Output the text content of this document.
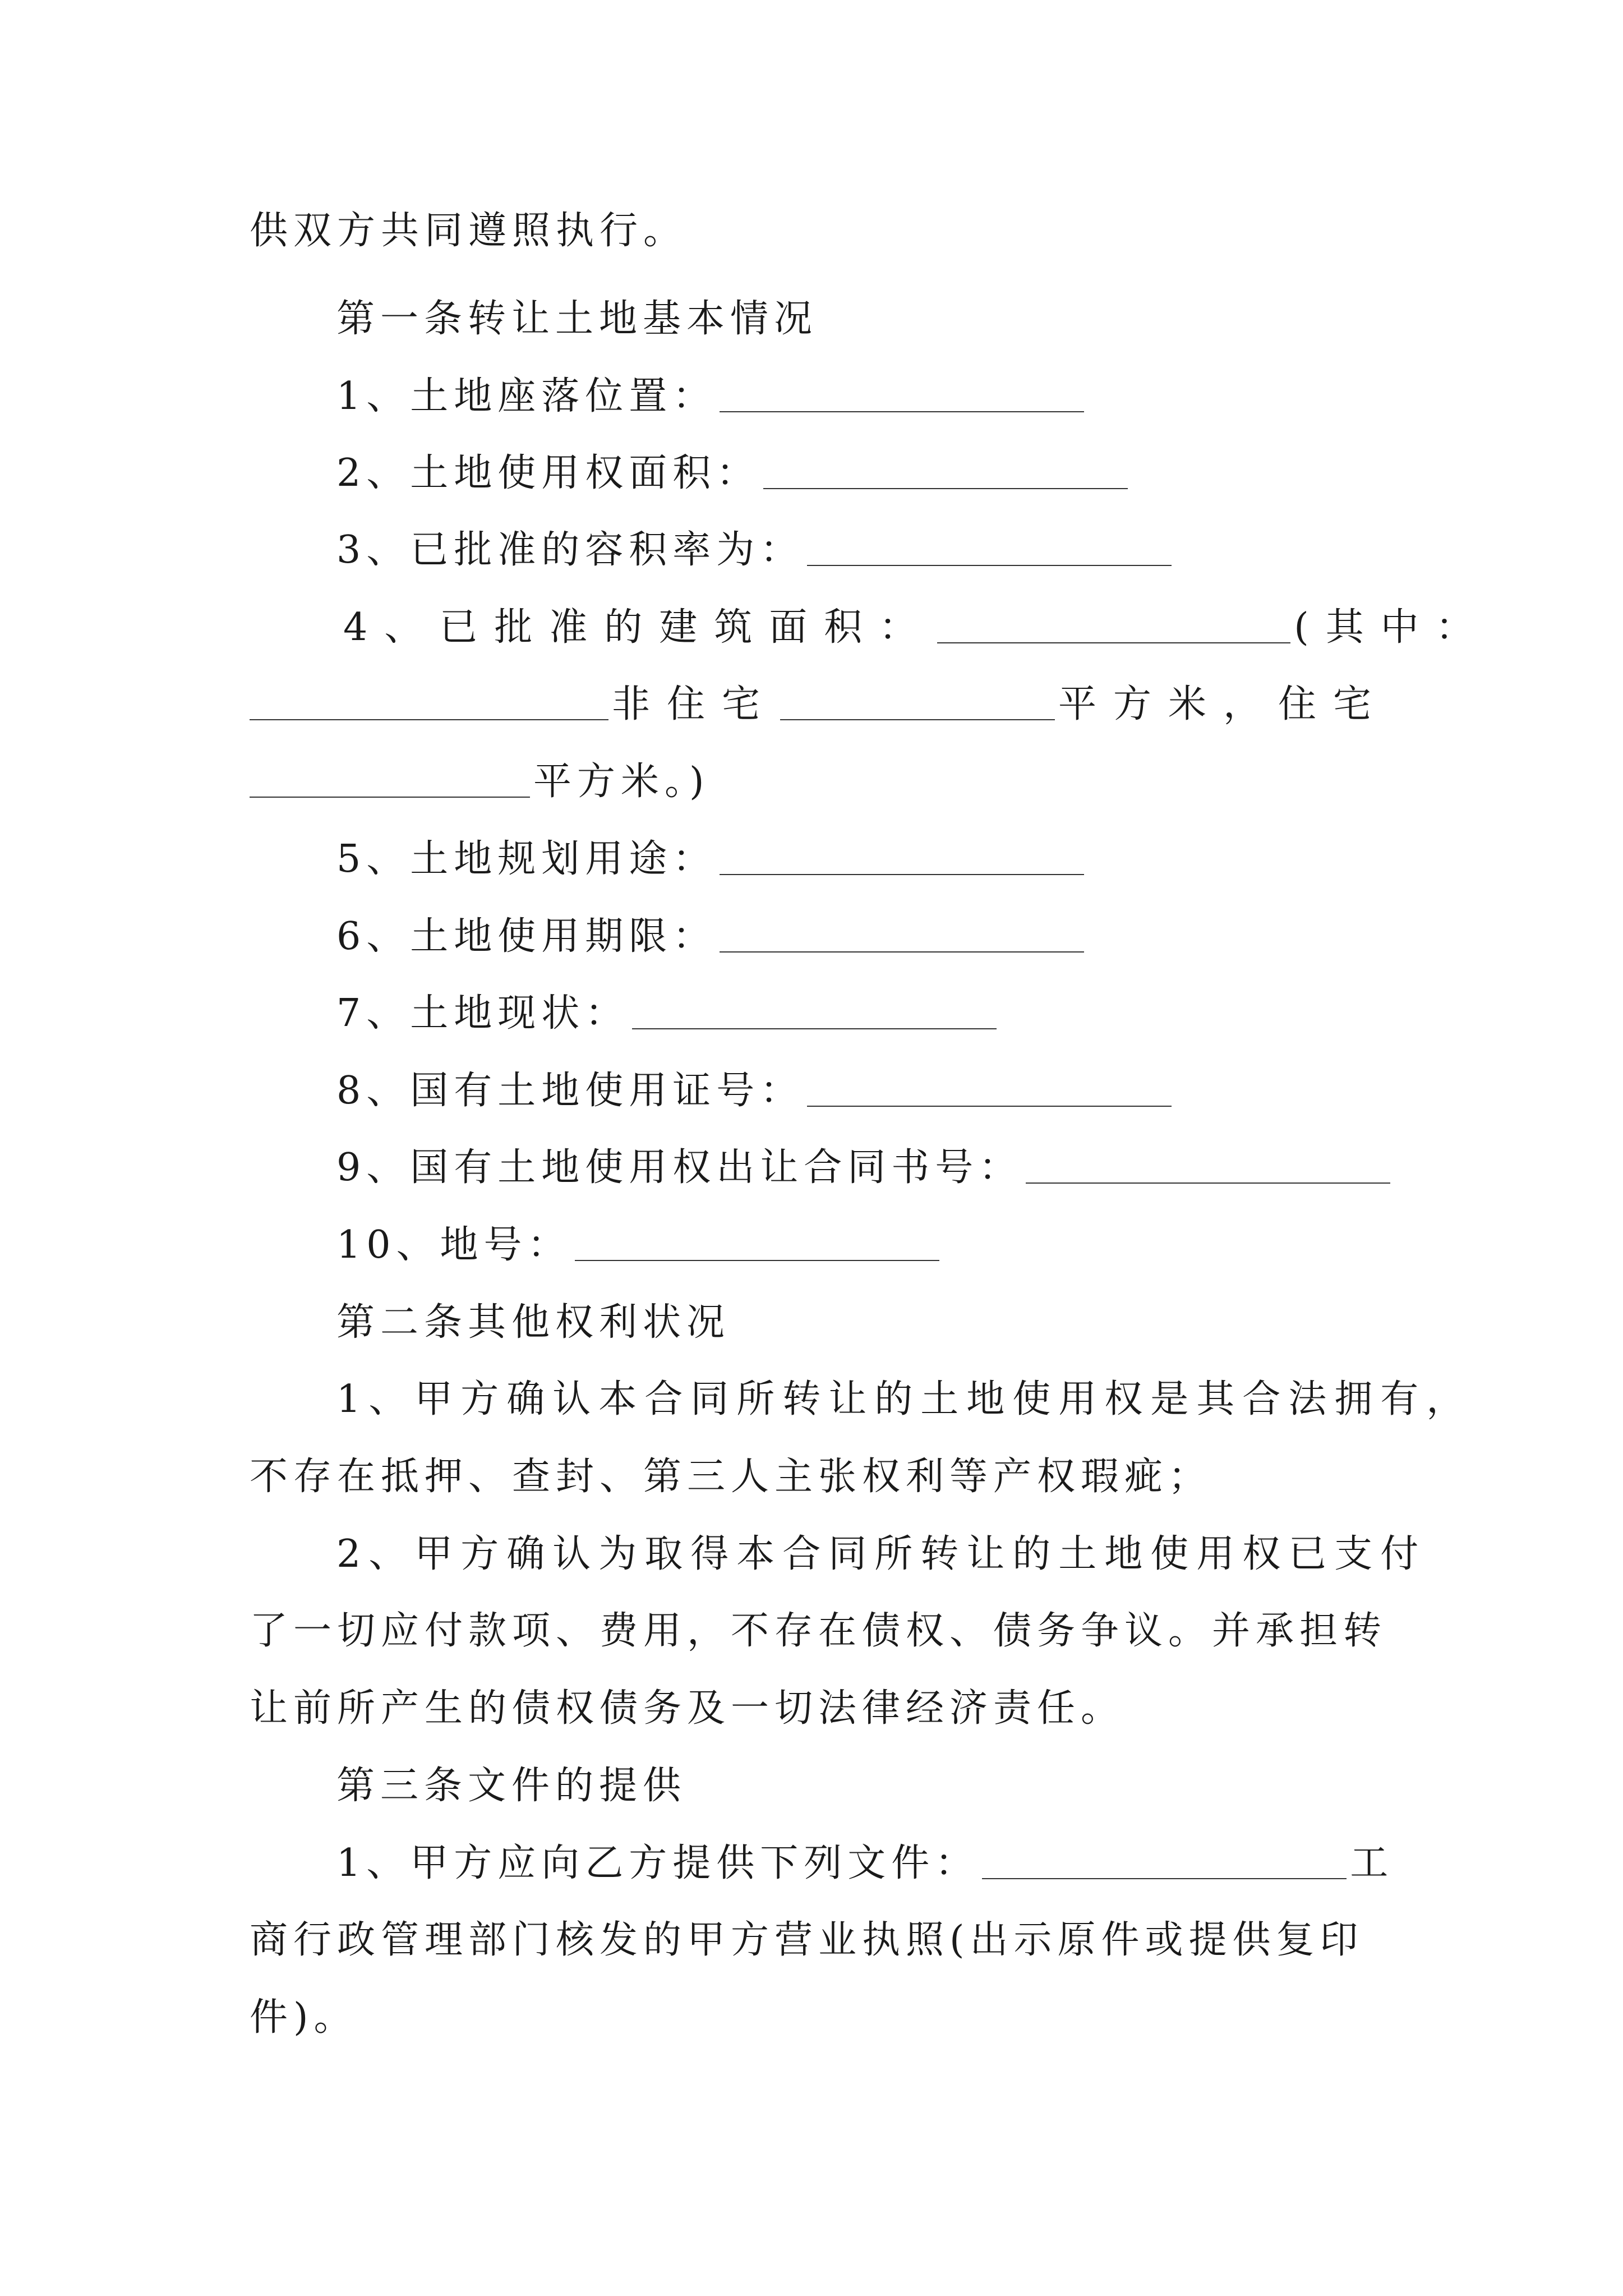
供双方共同遵照执行。
第一条转让土地基本情况
1、土地座落位置：
2、土地使用权面积：
3、已批准的容积率为：
4、已批准的建筑面积：	(其中：
非住宅	平方米，住宅
平方米。)
5、土地规划用途：
6、土地使用期限：
7、土地现状：
8、国有土地使用证号：
9、国有土地使用权出让合同书号：
10、地号：
第二条其他权利状况
1、甲方确认本合同所转让的土地使用权是其合法拥有，
不存在抵押、查封、第三人主张权利等产权瑕疵；
2、甲方确认为取得本合同所转让的土地使用权已支付
了一切应付款项、费用，不存在债权、债务争议。并承担转
让前所产生的债权债务及一切法律经济责任。
第三条文件的提供
1、甲方应向乙方提供下列文件：	工
商行政管理部门核发的甲方营业执照(出示原件或提供复印
件)。
